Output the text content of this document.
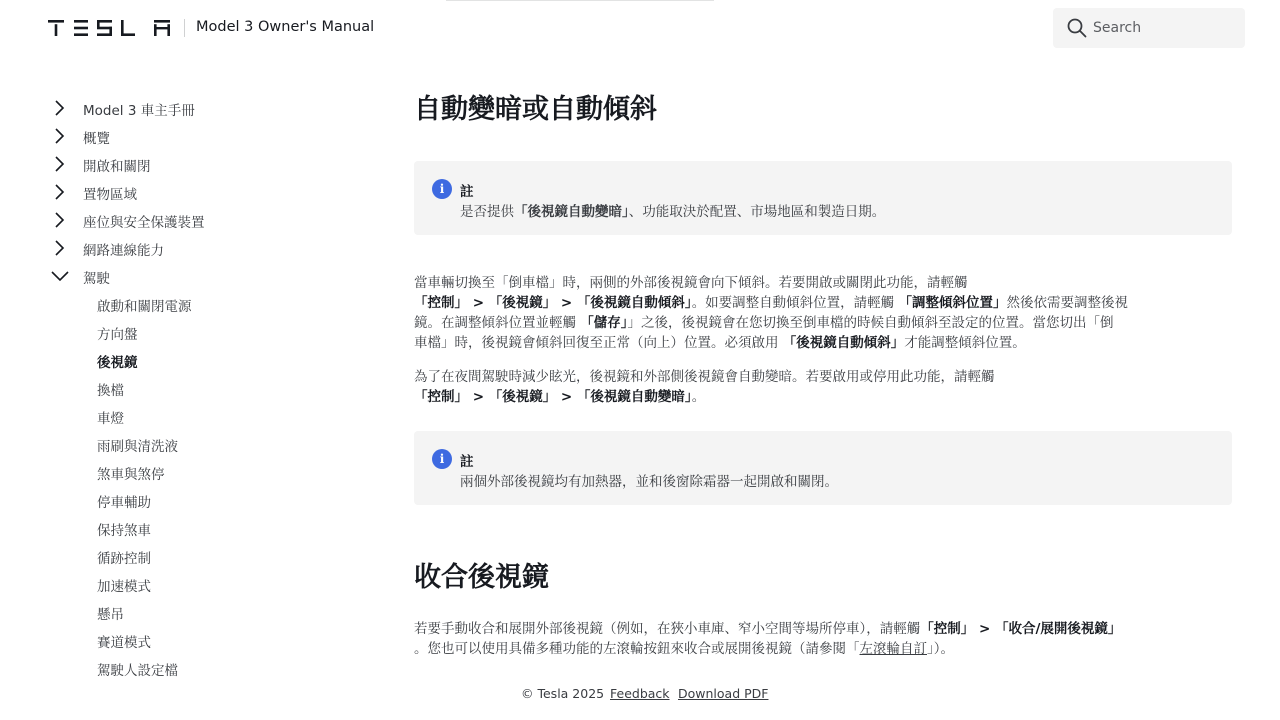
Model 3 Owner's Manual
Search
Model 3 車主手冊
概覽
開啟和關閉
置物區域
座位與安全保護裝置
網路連線能力
駕駛
啟動和關閉電源
方向盤
後視鏡
換檔
車燈
雨刷與清洗液
煞車與煞停
停車輔助
保持煞車
循跡控制
加速模式
懸吊
賽道模式
駕駛人設定檔
自動變暗或自動傾斜
i	註
是否提供「後視鏡自動變暗」、功能取決於配置、市場地區和製造日期。
當車輛切換至「倒車檔」時，兩側的外部後視鏡會向下傾斜。若要開啟或關閉此功能，請輕觸
「控制」 > 「後視鏡」 > 「後視鏡自動傾斜」。如要調整自動傾斜位置，請輕觸 「調整傾斜位置」然後依需要調整後視
鏡。在調整傾斜位置並輕觸 「儲存」」之後，後視鏡會在您切換至倒車檔的時候自動傾斜至設定的位置。當您切出「倒
車檔」時，後視鏡會傾斜回復至正常（向上）位置。必須啟用 「後視鏡自動傾斜」才能調整傾斜位置。
為了在夜間駕駛時減少眩光，後視鏡和外部側後視鏡會自動變暗。若要啟用或停用此功能，請輕觸
「控制」 > 「後視鏡」 > 「後視鏡自動變暗」。
i	註
兩個外部後視鏡均有加熱器，並和後窗除霜器一起開啟和關閉。
收合後視鏡
若要手動收合和展開外部後視鏡（例如，在狹小車庫、窄小空間等場所停車），請輕觸「控制」 > 「收合/展開後視鏡」
。您也可以使用具備多種功能的左滾輪按鈕來收合或展開後視鏡（請參閱「左滾輪自訂」）。
© Tesla 2025 Feedback Download PDF
